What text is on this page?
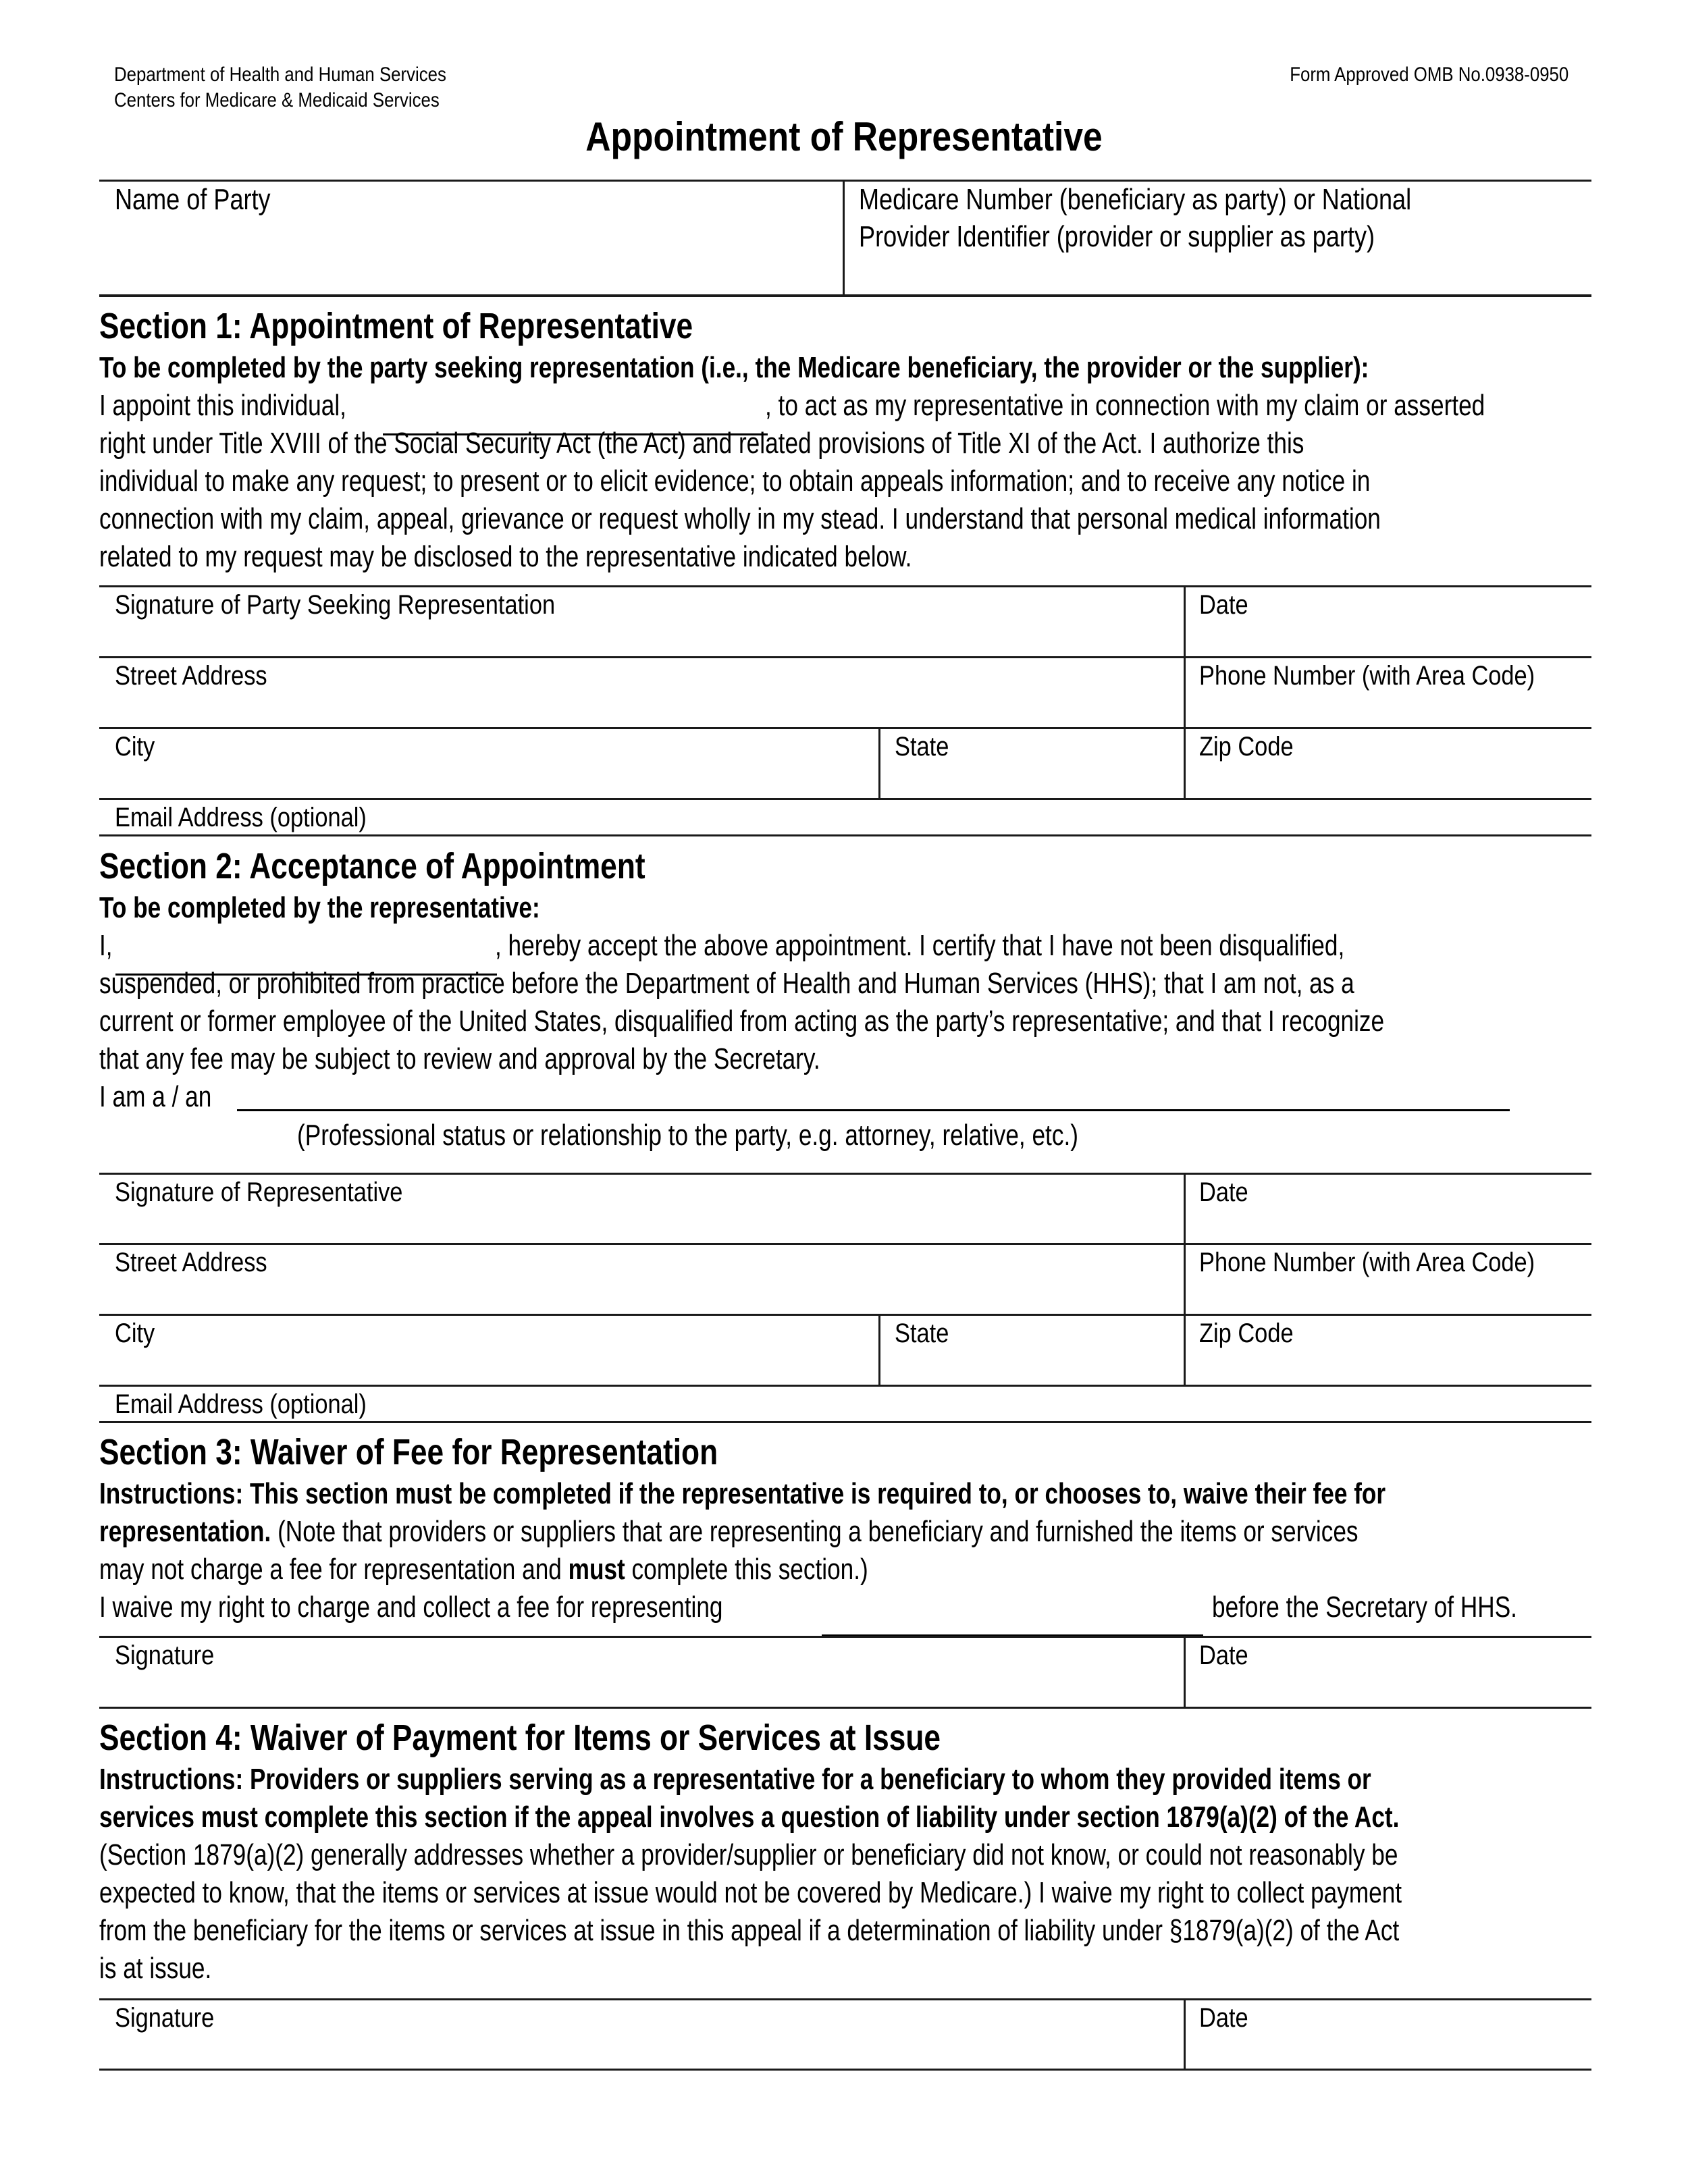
Department of Health and Human Services
Centers for Medicare & Medicaid Services
Form Approved OMB No.0938-0950
Appointment of Representative
Name of Party	Medicare Number (beneficiary as party) or National
Provider Identifier (provider or supplier as party)
Section 1: Appointment of Representative
To be completed by the party seeking representation (i.e., the Medicare beneficiary, the provider or the supplier):
I appoint this individual,	, to act as my representative in connection with my claim or asserted
right under Title XVIII of the Social Security Act (the Act) and related provisions of Title XI of the Act. I authorize this
individual to make any request; to present or to elicit evidence; to obtain appeals information; and to receive any notice in
connection with my claim, appeal, grievance or request wholly in my stead. I understand that personal medical information
related to my request may be disclosed to the representative indicated below.
Signature of Party Seeking Representation	Date
Street Address	Phone Number (with Area Code)
City	State	Zip Code
Email Address (optional)
Section 2: Acceptance of Appointment
To be completed by the representative:
I,	, hereby accept the above appointment. I certify that I have not been disqualified,
suspended, or prohibited from practice before the Department of Health and Human Services (HHS); that I am not, as a
current or former employee of the United States, disqualified from acting as the party’s representative; and that I recognize
that any fee may be subject to review and approval by the Secretary.
I am a / an
(Professional status or relationship to the party, e.g. attorney, relative, etc.)
Signature of Representative	Date
Street Address	Phone Number (with Area Code)
City	State	Zip Code
Email Address (optional)
Section 3: Waiver of Fee for Representation
Instructions: This section must be completed if the representative is required to, or chooses to, waive their fee for
representation. (Note that providers or suppliers that are representing a beneficiary and furnished the items or services
may not charge a fee for representation and must complete this section.)
I waive my right to charge and collect a fee for representing	before the Secretary of HHS.
Signature	Date
Section 4: Waiver of Payment for Items or Services at Issue
Instructions: Providers or suppliers serving as a representative for a beneficiary to whom they provided items or
services must complete this section if the appeal involves a question of liability under section 1879(a)(2) of the Act.
(Section 1879(a)(2) generally addresses whether a provider/supplier or beneficiary did not know, or could not reasonably be
expected to know, that the items or services at issue would not be covered by Medicare.) I waive my right to collect payment
from the beneficiary for the items or services at issue in this appeal if a determination of liability under §1879(a)(2) of the Act
is at issue.
Signature	Date
